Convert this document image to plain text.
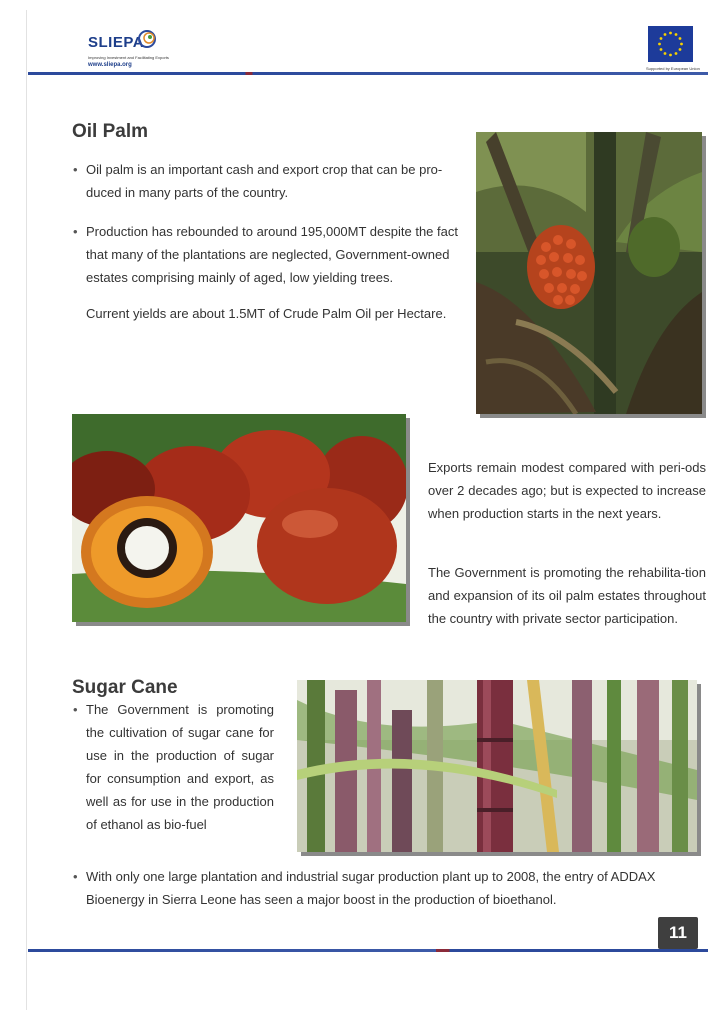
SLIEPA
Improving Investment and Facilitating Exports
www.sliepa.org
Supported by European Union
Oil Palm
• Oil palm is an important cash and export crop that can be pro-duced in many parts of the country.
• Production has rebounded to around 195,000MT despite the fact that many of the plantations are neglected, Government-owned estates comprising mainly of aged, low yielding trees.
Current yields are about 1.5MT of Crude Palm Oil per Hectare.
Exports remain modest compared with peri-ods over 2 decades ago; but is expected to increase when production starts in the next years.
The Government is promoting the rehabilita-tion and expansion of its oil palm estates throughout the country with private sector participation.
Sugar Cane
• The Government is promoting the cultivation of sugar cane for use in the production of sugar for consumption and export, as well as for use in the production of ethanol as bio-fuel
• With only one large plantation and industrial sugar production plant up to 2008, the entry of ADDAX Bioenergy in Sierra Leone has seen a major boost in the production of bioethanol.
11
